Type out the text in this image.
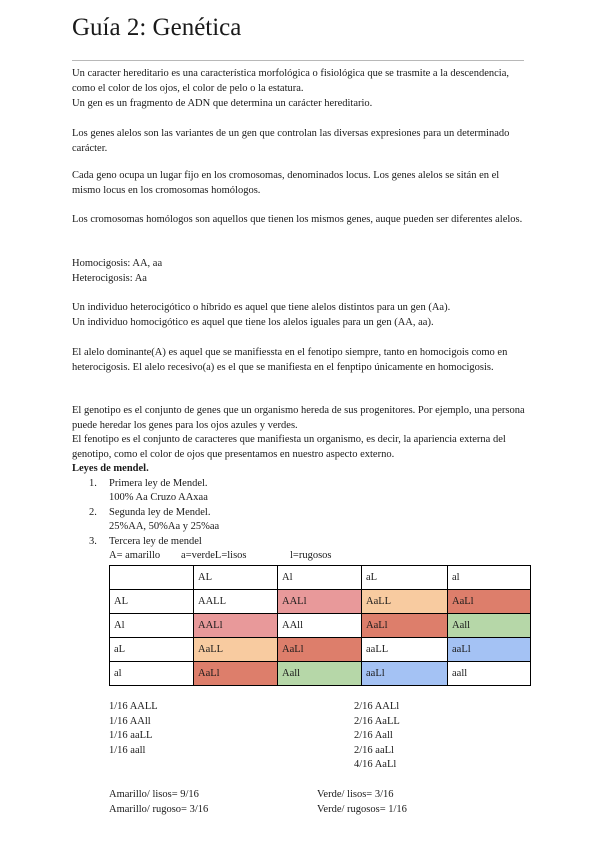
Guía 2: Genética

Un caracter hereditario es una característica morfológica o fisiológica que se trasmite a la descendencia, como el color de los ojos, el color de pelo o la estatura.

Un gen es un fragmento de ADN que determina un carácter hereditario.

Los genes alelos son las variantes de un gen que controlan las diversas expresiones para un determinado carácter.

Cada geno ocupa un lugar fijo en los cromosomas, denominados locus. Los genes alelos se sitán en el mismo locus en los cromosomas homólogos.

Los cromosomas homólogos son aquellos que tienen los mismos genes, auque pueden ser diferentes alelos.

Homocigosis: AA, aa

Heterocigosis: Aa

Un individuo heterocigótico o híbrido es aquel que tiene alelos distintos para un gen (Aa).

Un individuo homocigótico es aquel que tiene los alelos iguales para un gen (AA, aa).

El alelo dominante(A) es aquel que se manifiessta en el fenotipo siempre, tanto en homocigois como en heterocigosis. El alelo recesivo(a) es el que se manifiesta en el fenptipo únicamente en homocigosis.

El genotipo es el conjunto de genes que un organismo hereda de sus progenitores. Por ejemplo, una persona puede heredar los genes para los ojos azules y verdes.

El fenotipo es el conjunto de caracteres que manifiesta un organismo, es decir, la apariencia externa del genotipo, como el color de ojos que presentamos en nuestro aspecto externo.

Leyes de mendel.
1. Primera ley de Mendel.
100% Aa Cruzo AAxaa
2. Segunda ley de Mendel.
25%AA, 50%Aa y 25%aa
3. Tercera ley de mendel
A= amarillo a=verdeL=lisos	l=rugosos
	AL	Al	aL	al
AL	AALL	AALl	AaLL	AaLl
Al	AALl	AAll	AaLl	Aall
aL	AaLL	AaLl	aaLL	aaLl
al	AaLl	Aall	aaLl	aall
1/16 AALL
1/16 AAll
1/16 aaLL
1/16 aall
2/16 AALl
2/16 AaLL
2/16 Aall
2/16 aaLl
4/16 AaLl
Amarillo/ lisos= 9/16
Amarillo/ rugoso= 3/16
Verde/ lisos= 3/16
Verde/ rugosos= 1/16
